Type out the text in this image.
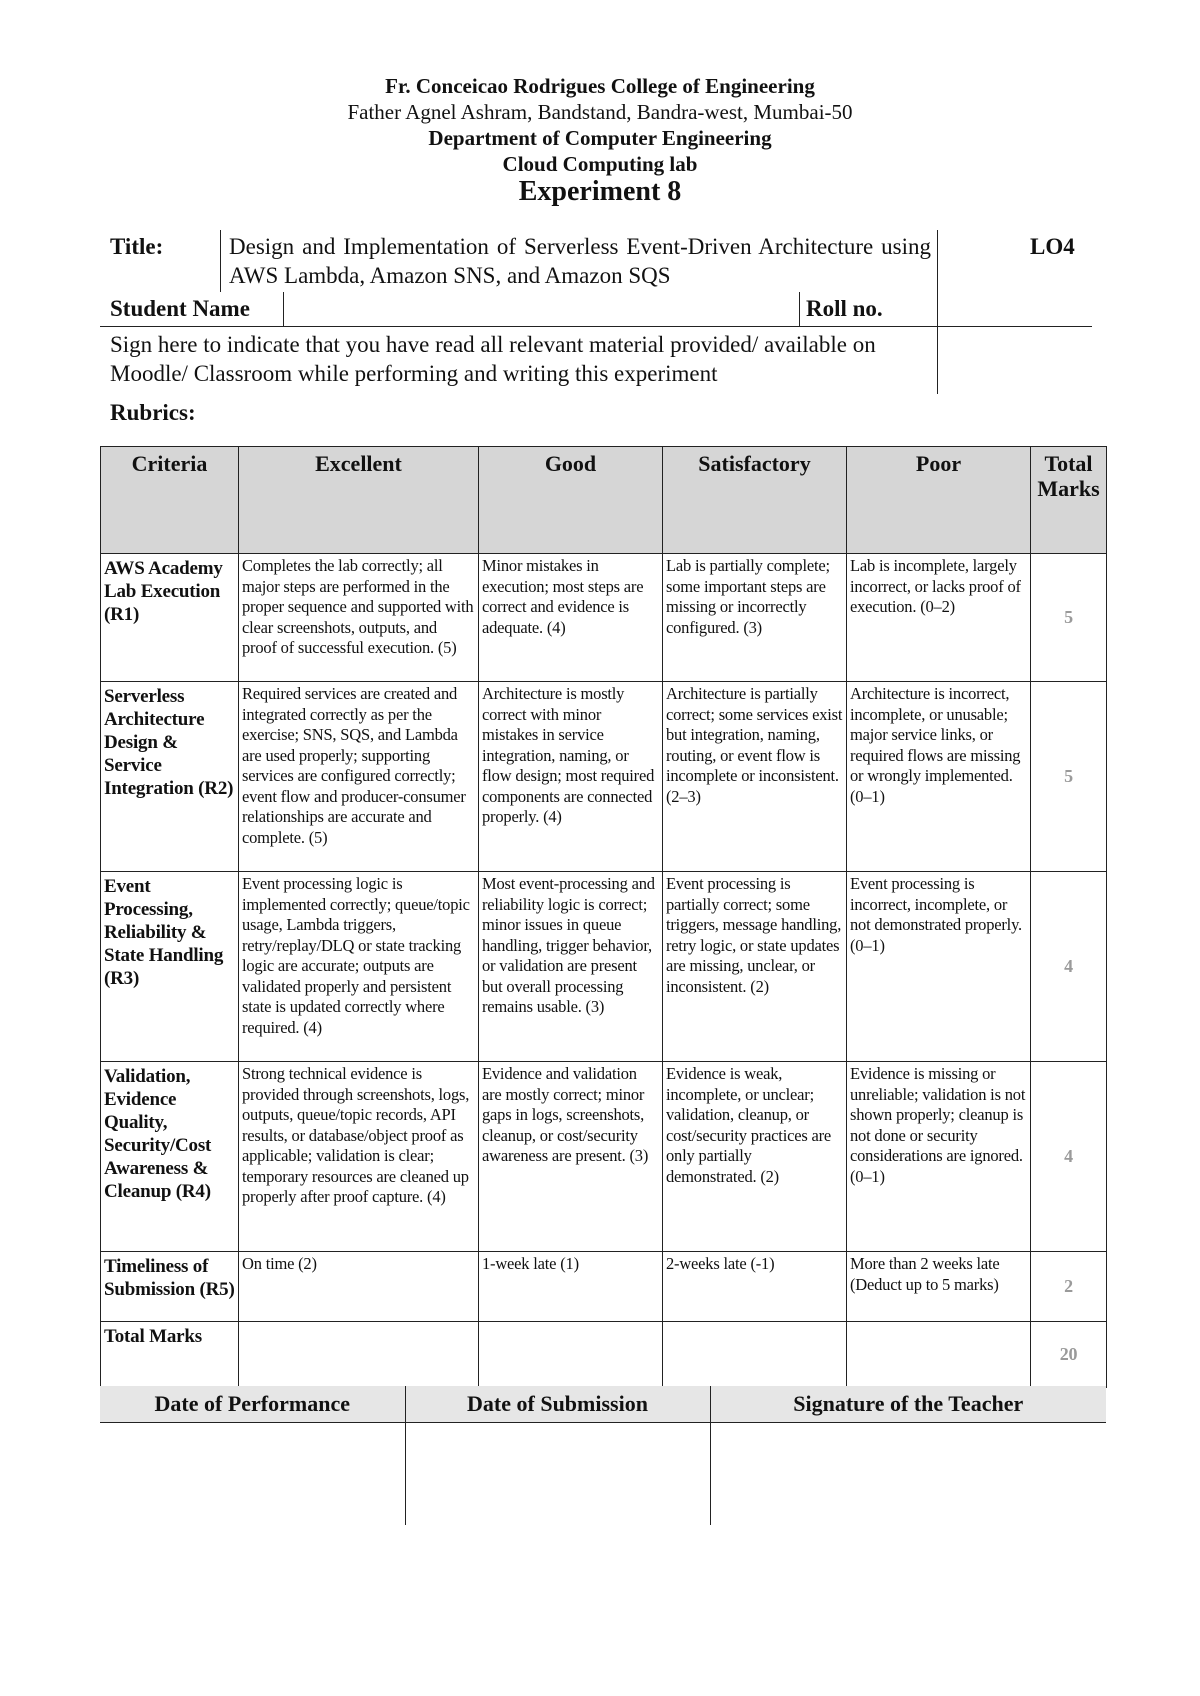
Fr. Conceicao Rodrigues College of Engineering
Father Agnel Ashram, Bandstand, Bandra-west, Mumbai-50
Department of Computer Engineering
Cloud Computing lab
Experiment 8
Title:	Design and Implementation of Serverless Event-Driven Architecture using AWS Lambda, Amazon SNS, and Amazon SQS
LO4
Student Name	Roll no.
Sign here to indicate that you have read all relevant material provided/ available on Moodle/ Classroom while performing and writing this experiment
Rubrics:
Criteria	Excellent	Good	Satisfactory	Poor	Total Marks
AWS Academy Lab Execution (R1)	Completes the lab correctly; all major steps are performed in the proper sequence and supported with clear screenshots, outputs, and proof of successful execution. (5)	Minor mistakes in execution; most steps are correct and evidence is adequate. (4)	Lab is partially complete; some important steps are missing or incorrectly configured. (3)	Lab is incomplete, largely incorrect, or lacks proof of execution. (0–2)	5
Serverless Architecture Design & Service Integration (R2)	Required services are created and integrated correctly as per the exercise; SNS, SQS, and Lambda are used properly; supporting services are configured correctly; event flow and producer-consumer relationships are accurate and complete. (5)	Architecture is mostly correct with minor mistakes in service integration, naming, or flow design; most required components are connected properly. (4)	Architecture is partially correct; some services exist but integration, naming, routing, or event flow is incomplete or inconsistent. (2–3)	Architecture is incorrect, incomplete, or unusable; major service links, or required flows are missing or wrongly implemented. (0–1)	5
Event Processing, Reliability & State Handling (R3)	Event processing logic is implemented correctly; queue/topic usage, Lambda triggers, retry/replay/DLQ or state tracking logic are accurate; outputs are validated properly and persistent state is updated correctly where required. (4)	Most event-processing and reliability logic is correct; minor issues in queue handling, trigger behavior, or validation are present but overall processing remains usable. (3)	Event processing is partially correct; some triggers, message handling, retry logic, or state updates are missing, unclear, or inconsistent. (2)	Event processing is incorrect, incomplete, or not demonstrated properly. (0–1)	4
Validation, Evidence Quality, Security/Cost Awareness & Cleanup (R4)	Strong technical evidence is provided through screenshots, logs, outputs, queue/topic records, API results, or database/object proof as applicable; validation is clear; temporary resources are cleaned up properly after proof capture. (4)	Evidence and validation are mostly correct; minor gaps in logs, screenshots, cleanup, or cost/security awareness are present. (3)	Evidence is weak, incomplete, or unclear; validation, cleanup, or cost/security practices are only partially demonstrated. (2)	Evidence is missing or unreliable; validation is not shown properly; cleanup is not done or security considerations are ignored. (0–1)	4
Timeliness of Submission (R5)	On time (2)	1-week late (1)	2-weeks late (-1)	More than 2 weeks late (Deduct up to 5 marks)	2
Total Marks					20
Date of Performance	Date of Submission	Signature of the Teacher
